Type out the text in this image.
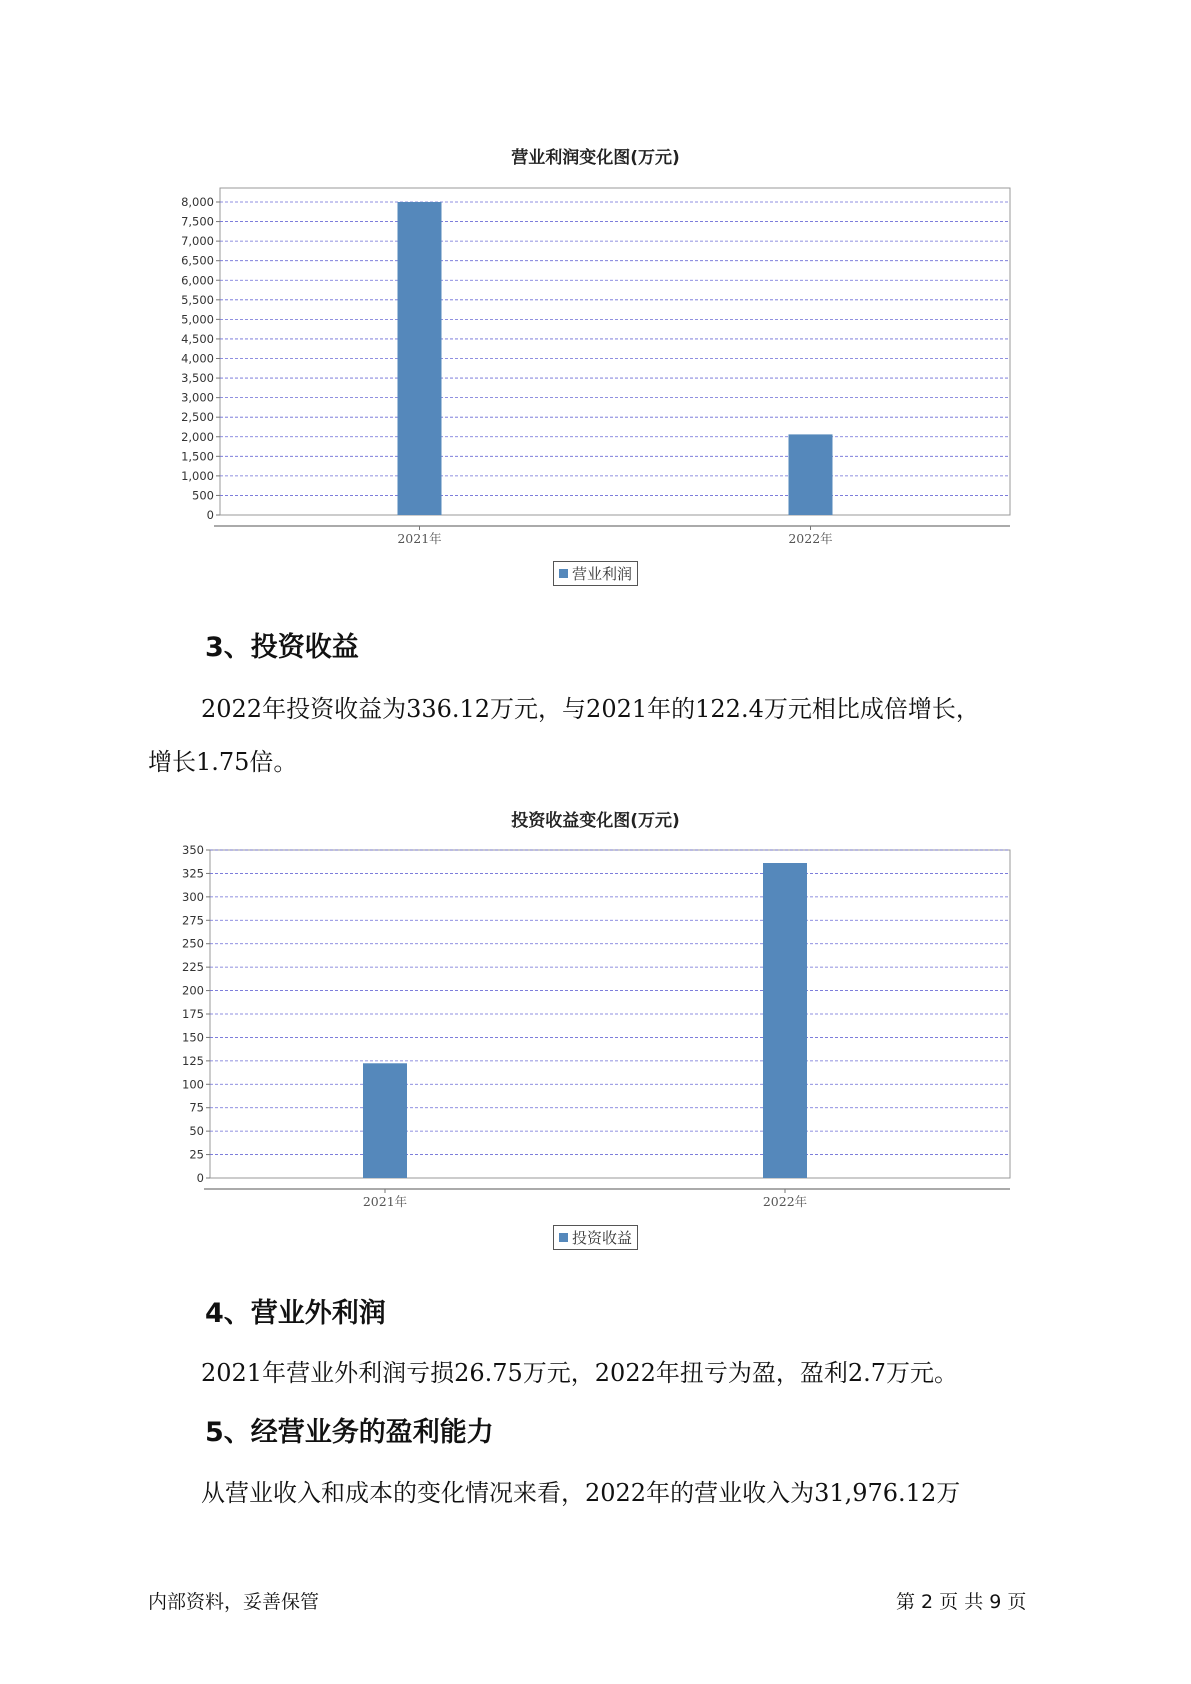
营业利润变化图(万元)
0
500
1,000
1,500
2,000
2,500
3,000
3,500
4,000
4,500
5,000
5,500
6,000
6,500
7,000
7,500
8,000
2021年	2022年
营业利润
3、投资收益
2022年投资收益为336.12万元，与2021年的122.4万元相比成倍增长，
增长1.75倍。
投资收益变化图(万元)
0
25
50
75
100
125
150
175
200
225
250
275
300
325
350
2021年	2022年
投资收益
4、营业外利润
2021年营业外利润亏损26.75万元，2022年扭亏为盈，盈利2.7万元。
5、经营业务的盈利能力
从营业收入和成本的变化情况来看，2022年的营业收入为31,976.12万
内部资料，妥善保管	第 2 页 共 9 页
